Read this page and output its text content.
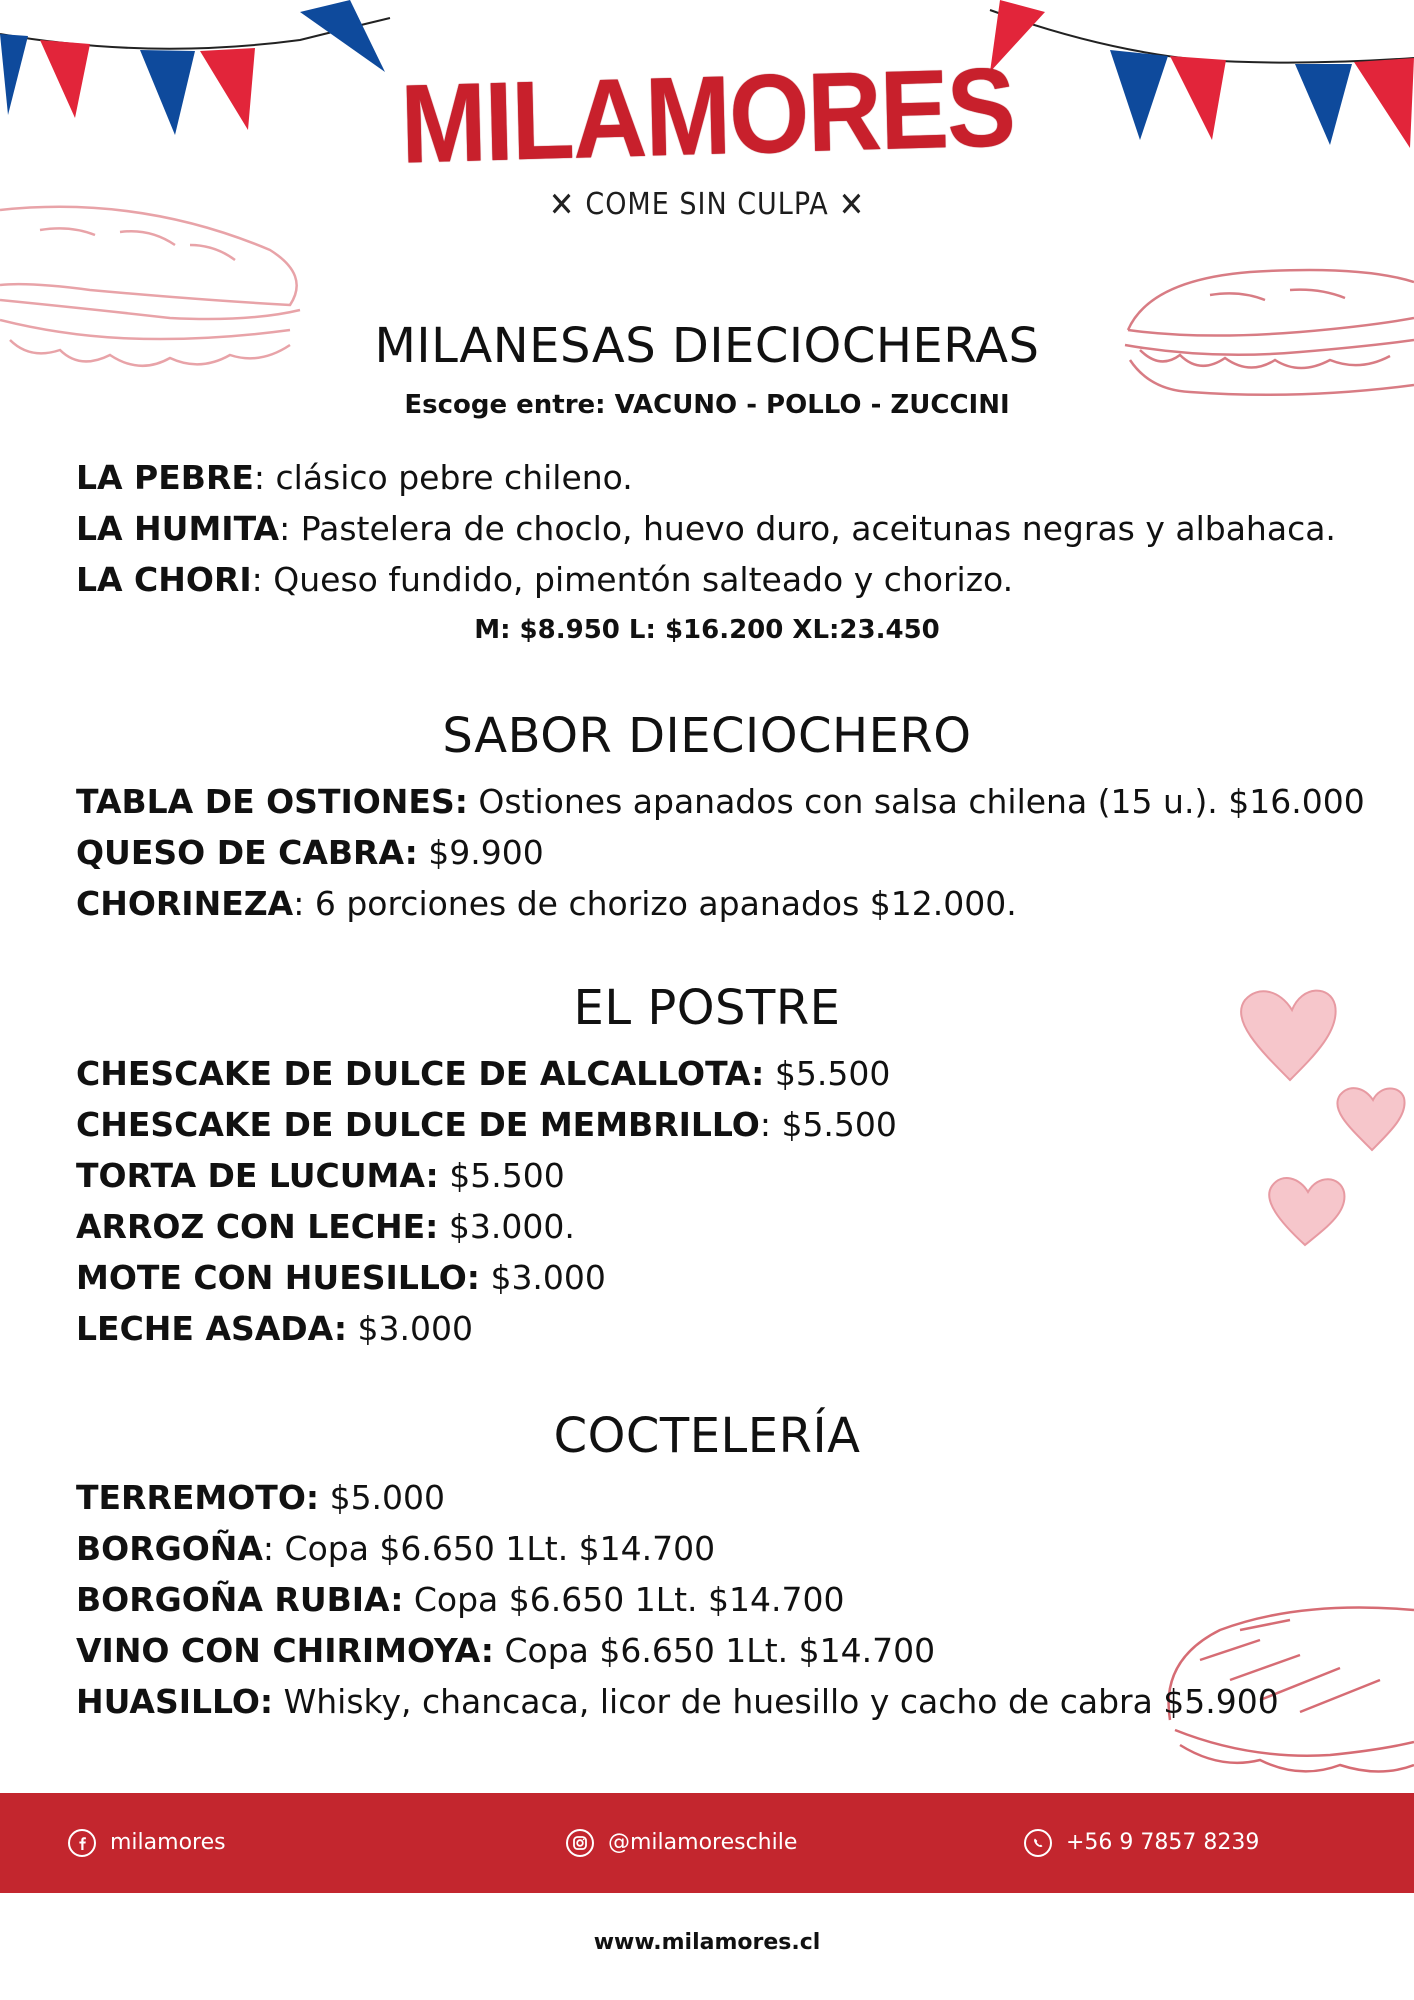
MILAMORES
✕ COME SIN CULPA ✕
MILANESAS DIECIOCHERAS
Escoge entre: VACUNO - POLLO - ZUCCINI
LA PEBRE: clásico pebre chileno.
LA HUMITA: Pastelera de choclo, huevo duro, aceitunas negras y albahaca.
LA CHORI: Queso fundido, pimentón salteado y chorizo.
M: $8.950 L: $16.200 XL:23.450
SABOR DIECIOCHERO
TABLA DE OSTIONES: Ostiones apanados con salsa chilena (15 u.). $16.000
QUESO DE CABRA: $9.900
CHORINEZA: 6 porciones de chorizo apanados $12.000.
EL POSTRE
CHESCAKE DE DULCE DE ALCALLOTA: $5.500
CHESCAKE DE DULCE DE MEMBRILLO: $5.500
TORTA DE LUCUMA: $5.500
ARROZ CON LECHE: $3.000.
MOTE CON HUESILLO: $3.000
LECHE ASADA: $3.000
COCTELERÍA
TERREMOTO: $5.000
BORGOÑA: Copa $6.650 1Lt. $14.700
BORGOÑA RUBIA: Copa $6.650 1Lt. $14.700
VINO CON CHIRIMOYA: Copa $6.650 1Lt. $14.700
HUASILLO: Whisky, chancaca, licor de huesillo y cacho de cabra $5.900
milamores	@milamoreschile	+56 9 7857 8239
www.milamores.cl
